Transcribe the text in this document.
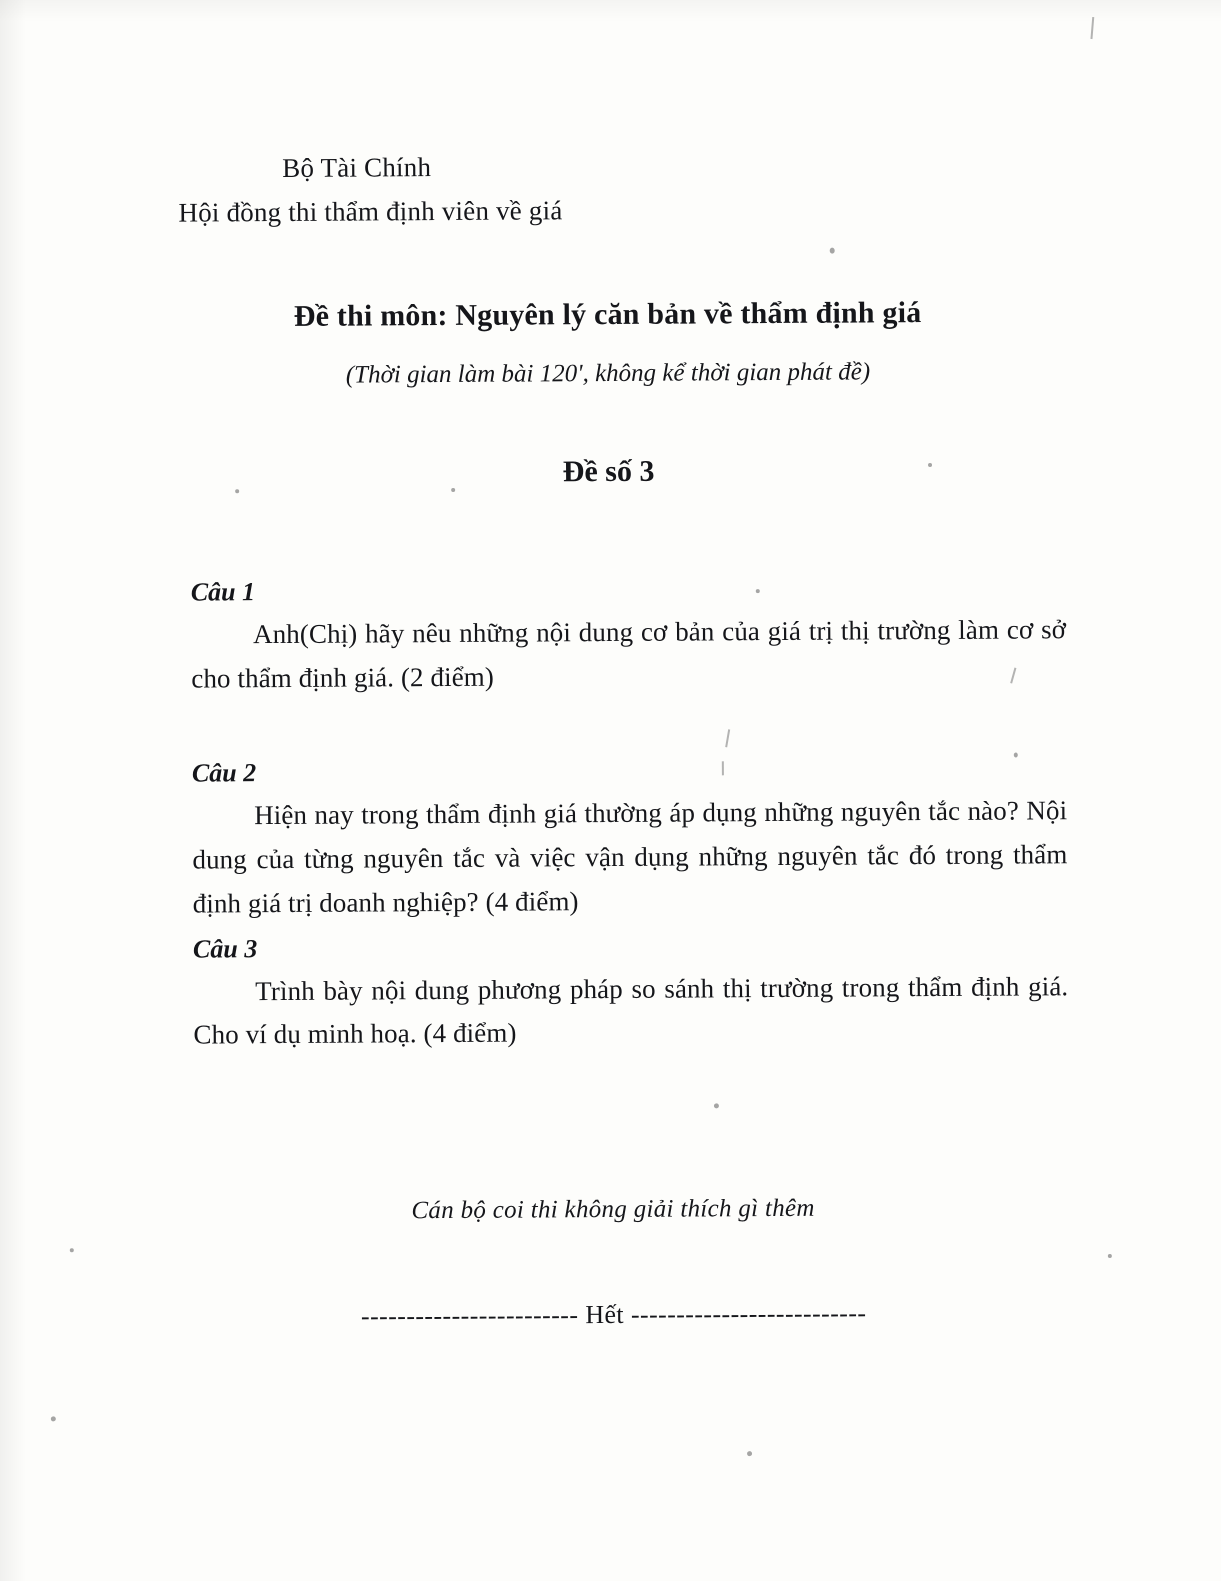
Bộ Tài Chính
Hội đồng thi thẩm định viên về giá
Đề thi môn: Nguyên lý căn bản về thẩm định giá
(Thời gian làm bài 120', không kể thời gian phát đề)
Đề số 3
Câu 1
Anh(Chị) hãy nêu những nội dung cơ bản của giá trị thị trường làm cơ sở cho thẩm định giá. (2 điểm)
Câu 2
Hiện nay trong thẩm định giá thường áp dụng những nguyên tắc nào? Nội dung của từng nguyên tắc và việc vận dụng những nguyên tắc đó trong thẩm định giá trị doanh nghiệp? (4 điểm)
Câu 3
Trình bày nội dung phương pháp so sánh thị trường trong thẩm định giá. Cho ví dụ minh hoạ. (4 điểm)
Cán bộ coi thi không giải thích gì thêm
------------------------ Hết --------------------------
